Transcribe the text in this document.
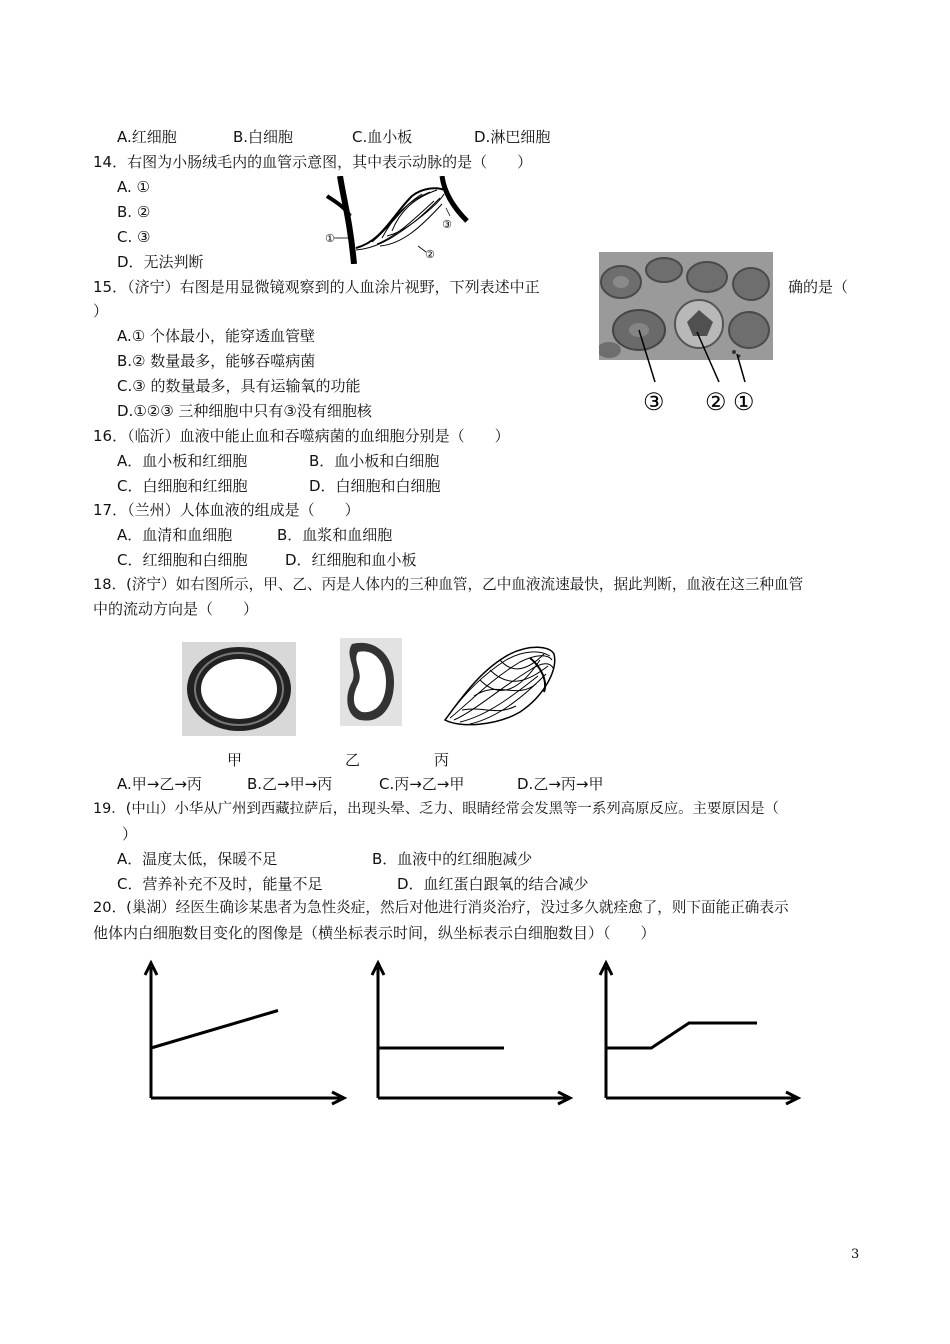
A.红细胞	B.白细胞	C.血小板	D.淋巴细胞
14．右图为小肠绒毛内的血管示意图，其中表示动脉的是（　　）
A. ①
B. ②
C. ③
D．无法判断
①
②
③
15．（济宁）右图是用显微镜观察到的人血涂片视野，下列表述中正	确的是（
）
A.① 个体最小，能穿透血管壁
B.② 数量最多，能够吞噬病菌
C.③ 的数量最多，具有运输氧的功能
D.①②③ 三种细胞中只有③没有细胞核	③ ② ①
16．（临沂）血液中能止血和吞噬病菌的血细胞分别是（　　）
A．血小板和红细胞	B．血小板和白细胞
C．白细胞和红细胞	D．白细胞和白细胞
17．（兰州）人体血液的组成是（　　）
A．血清和血细胞	B．血浆和血细胞
C．红细胞和白细胞	D．红细胞和血小板
18．(济宁）如右图所示，甲、乙、丙是人体内的三种血管，乙中血液流速最快，据此判断，血液在这三种血管
中的流动方向是（　　）
甲	乙	丙
A.甲→乙→丙	B.乙→甲→丙	C.丙→乙→甲	D.乙→丙→甲
19．(中山）小华从广州到西藏拉萨后，出现头晕、乏力、眼睛经常会发黑等一系列高原反应。主要原因是（
）
A．温度太低，保暖不足	B．血液中的红细胞减少
C．营养补充不及时，能量不足	D．血红蛋白跟氧的结合减少
20．(巢湖）经医生确诊某患者为急性炎症，然后对他进行消炎治疗，没过多久就痊愈了，则下面能正确表示
他体内白细胞数目变化的图像是（横坐标表示时间，纵坐标表示白细胞数目）（　　）
3
